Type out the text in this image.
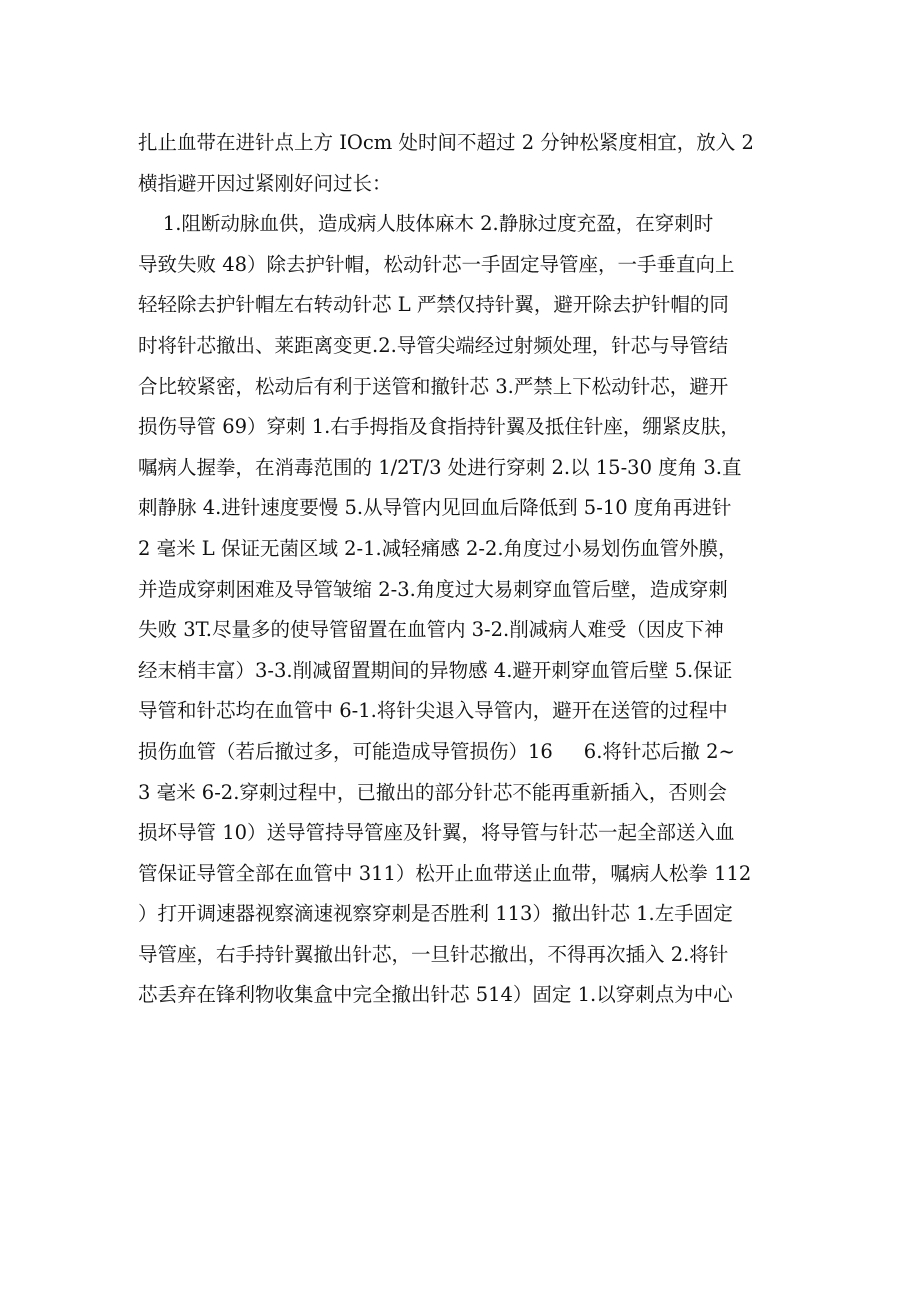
扎止血带在进针点上方 IOcm 处时间不超过 2 分钟松紧度相宜，放入 2
横指避开因过紧刚好问过长：
1.阻断动脉血供，造成病人肢体麻木 2.静脉过度充盈，在穿刺时
导致失败 48）除去护针帽，松动针芯一手固定导管座，一手垂直向上
轻轻除去护针帽左右转动针芯 L 严禁仅持针翼，避开除去护针帽的同
时将针芯撤出、莱距离变更.2.导管尖端经过射频处理，针芯与导管结
合比较紧密，松动后有利于送管和撤针芯 3.严禁上下松动针芯，避开
损伤导管 69）穿刺 1.右手拇指及食指持针翼及抵住针座，绷紧皮肤，
嘱病人握拳，在消毒范围的 1/2T/3 处进行穿刺 2.以 15-30 度角 3.直
刺静脉 4.进针速度要慢 5.从导管内见回血后降低到 5-10 度角再进针
2 毫米 L 保证无菌区域 2-1.减轻痛感 2-2.角度过小易划伤血管外膜，
并造成穿刺困难及导管皱缩 2-3.角度过大易刺穿血管后壁，造成穿刺
失败 3T.尽量多的使导管留置在血管内 3-2.削减病人难受（因皮下神
经末梢丰富）3-3.削减留置期间的异物感 4.避开刺穿血管后壁 5.保证
导管和针芯均在血管中 6-1.将针尖退入导管内，避开在送管的过程中
损伤血管（若后撤过多，可能造成导管损伤）16     6.将针芯后撤 2~
3 毫米 6-2.穿刺过程中，已撤出的部分针芯不能再重新插入，否则会
损坏导管 10）送导管持导管座及针翼，将导管与针芯一起全部送入血
管保证导管全部在血管中 311）松开止血带送止血带，嘱病人松拳 112
）打开调速器视察滴速视察穿刺是否胜利 113）撤出针芯 1.左手固定
导管座，右手持针翼撤出针芯，一旦针芯撤出，不得再次插入 2.将针
芯丢弃在锋利物收集盒中完全撤出针芯 514）固定 1.以穿刺点为中心
